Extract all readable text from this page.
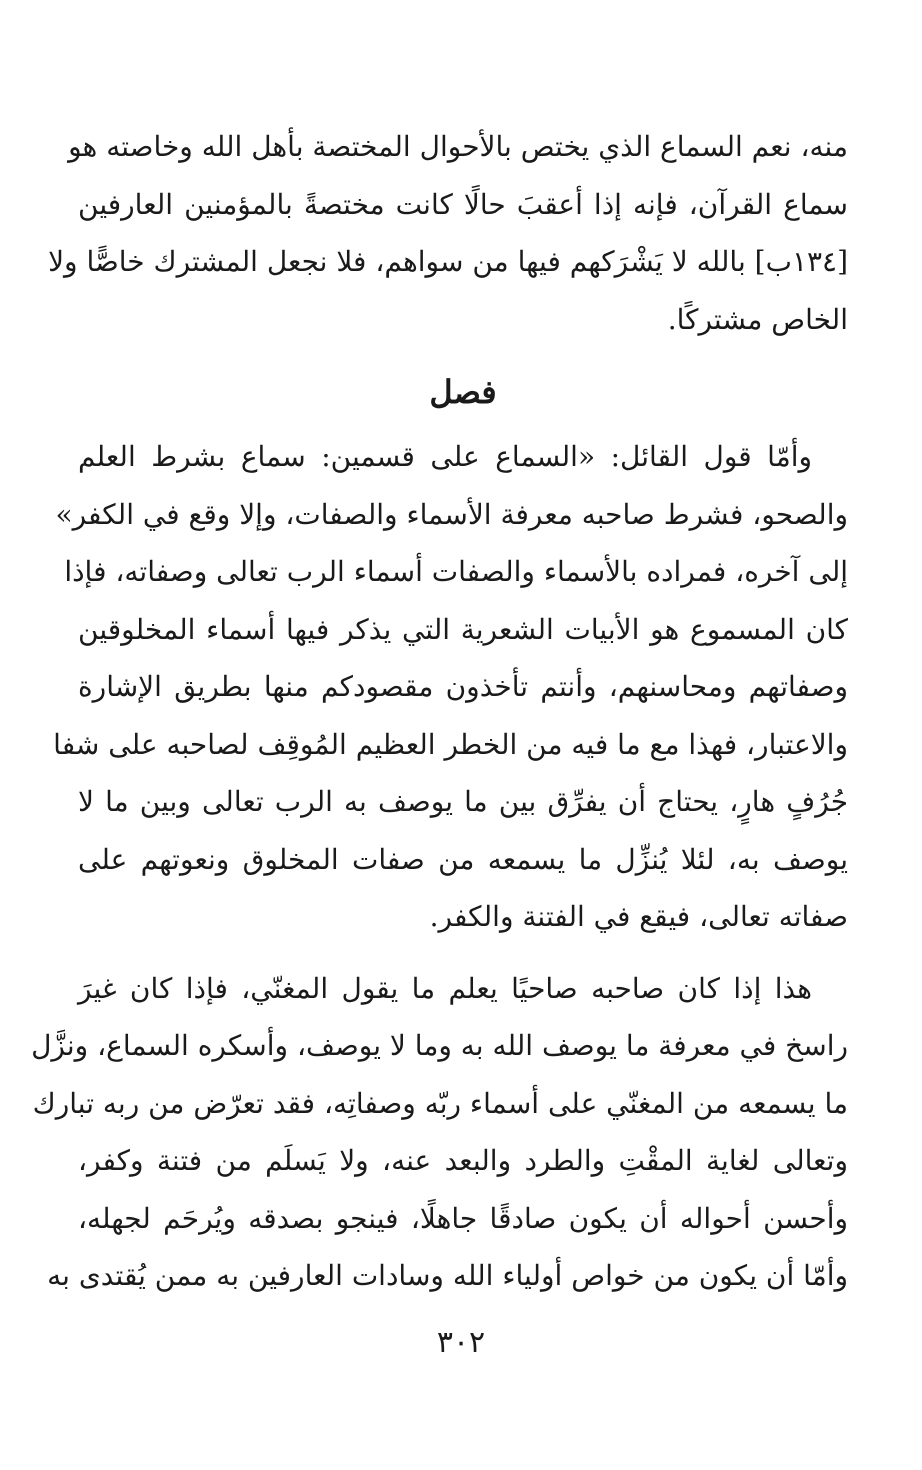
منه، نعم السماع الذي يختص بالأحوال المختصة بأهل الله وخاصته هو
سماع القرآن، فإنه إذا أعقبَ حالًا كانت مختصةً بالمؤمنين العارفين
[١٣٤ب] بالله لا يَشْرَكهم فيها من سواهم، فلا نجعل المشترك خاصًّا ولا
الخاص مشتركًا.

فصل

وأمّا قول القائل: «السماع على قسمين: سماع بشرط العلم
والصحو، فشرط صاحبه معرفة الأسماء والصفات، وإلا وقع في الكفر»
إلى آخره، فمراده بالأسماء والصفات أسماء الرب تعالى وصفاته، فإذا
كان المسموع هو الأبيات الشعرية التي يذكر فيها أسماء المخلوقين
وصفاتهم ومحاسنهم، وأنتم تأخذون مقصودكم منها بطريق الإشارة
والاعتبار، فهذا مع ما فيه من الخطر العظيم المُوقِف لصاحبه على شفا
جُرُفٍ هارٍ، يحتاج أن يفرِّق بين ما يوصف به الرب تعالى وبين ما لا
يوصف به، لئلا يُنزِّل ما يسمعه من صفات المخلوق ونعوتهم على
صفاته تعالى، فيقع في الفتنة والكفر.

هذا إذا كان صاحبه صاحيًا يعلم ما يقول المغنّي، فإذا كان غيرَ
راسخ في معرفة ما يوصف الله به وما لا يوصف، وأسكره السماع، ونزَّل
ما يسمعه من المغنّي على أسماء ربّه وصفاتِه، فقد تعرّض من ربه تبارك
وتعالى لغاية المقْتِ والطرد والبعد عنه، ولا يَسلَم من فتنة وكفر،
وأحسن أحواله أن يكون صادقًا جاهلًا، فينجو بصدقه ويُرحَم لجهله،
وأمّا أن يكون من خواص أولياء الله وسادات العارفين به ممن يُقتدى به

٣٠٢
